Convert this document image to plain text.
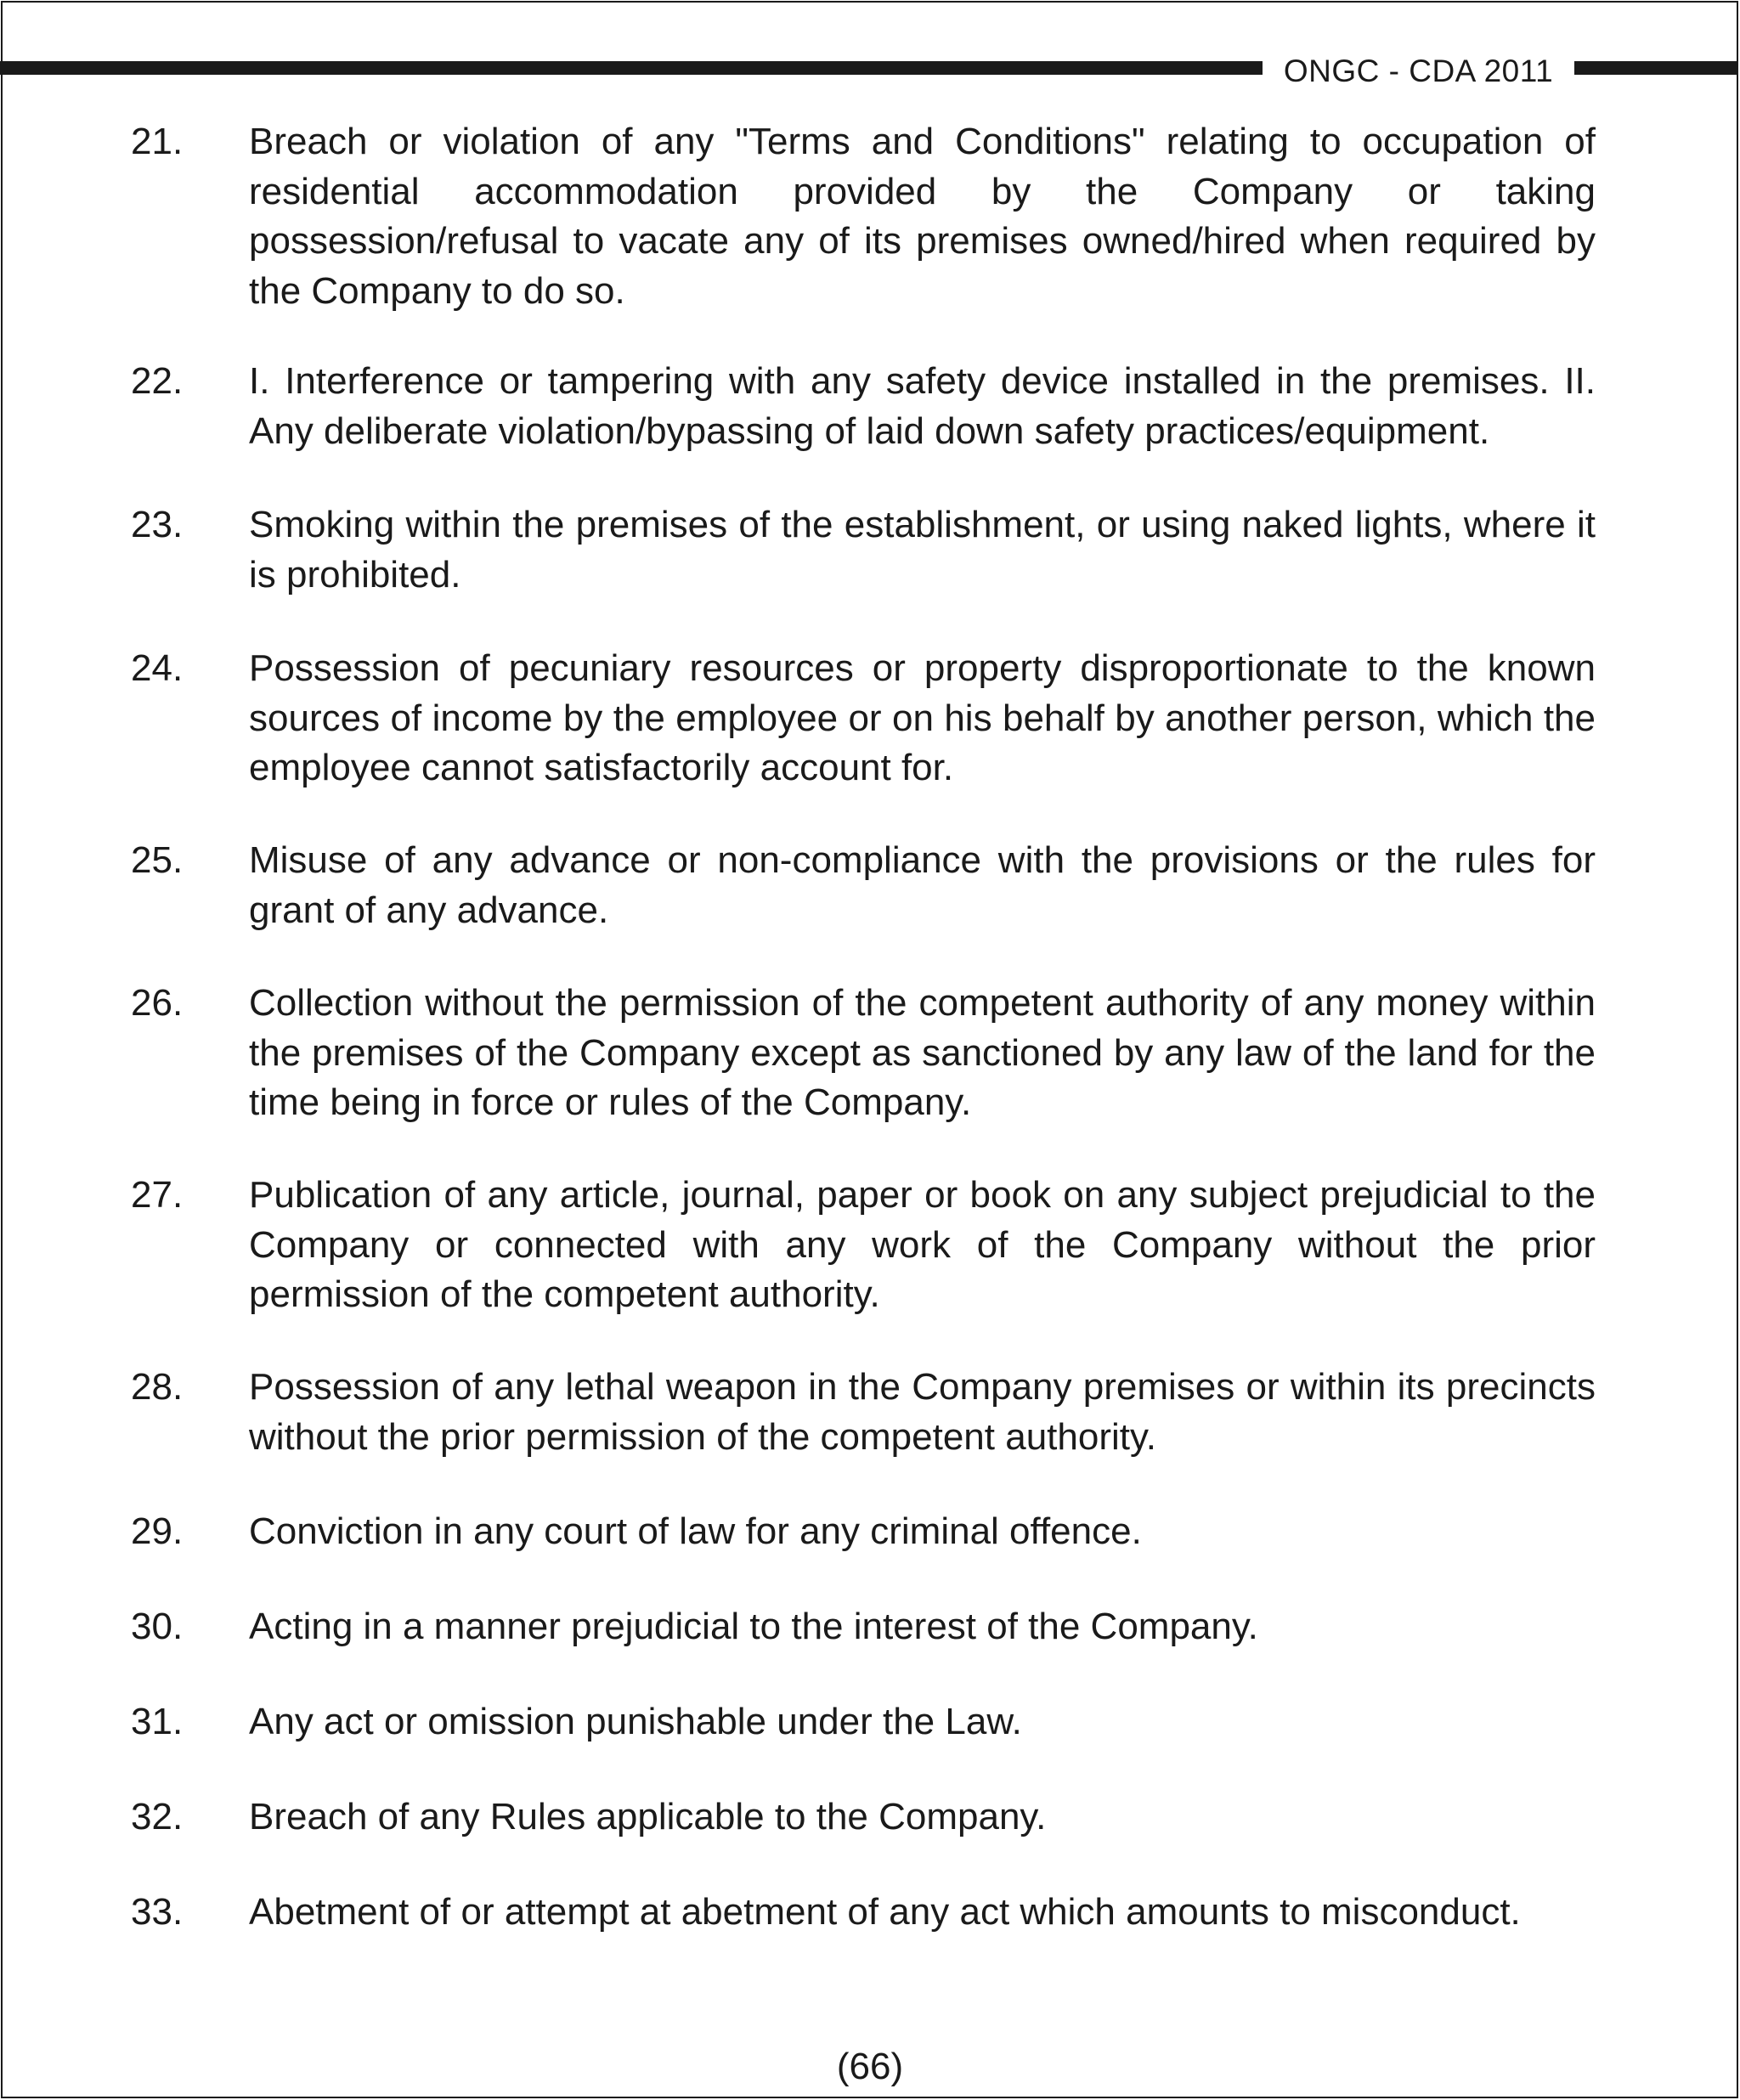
ONGC - CDA 2011
21.	Breach or violation of any "Terms and Conditions" relating to occupation of residential accommodation provided by the Company or taking possession/refusal to vacate any of its premises owned/hired when required by the Company to do so.
22.	I. Interference or tampering with any safety device installed in the premises. II. Any deliberate violation/bypassing of laid down safety practices/equipment.
23.	Smoking within the premises of the establishment, or using naked lights, where it is prohibited.
24.	Possession of pecuniary resources or property disproportionate to the known sources of income by the employee or on his behalf by another person, which the employee cannot satisfactorily account for.
25.	Misuse of any advance or non-compliance with the provisions or the rules for grant of any advance.
26.	Collection without the permission of the competent authority of any money within the premises of the Company except as sanctioned by any law of the land for the time being in force or rules of the Company.
27.	Publication of any article, journal, paper or book on any subject prejudicial to the Company or connected with any work of the Company without the prior permission of the competent authority.
28.	Possession of any lethal weapon in the Company premises or within its precincts without the prior permission of the competent authority.
29.	Conviction in any court of law for any criminal offence.
30.	Acting in a manner prejudicial to the interest of the Company.
31.	Any act or omission punishable under the Law.
32.	Breach of any Rules applicable to the Company.
33.	Abetment of or attempt at abetment of any act which amounts to misconduct.
(66)
